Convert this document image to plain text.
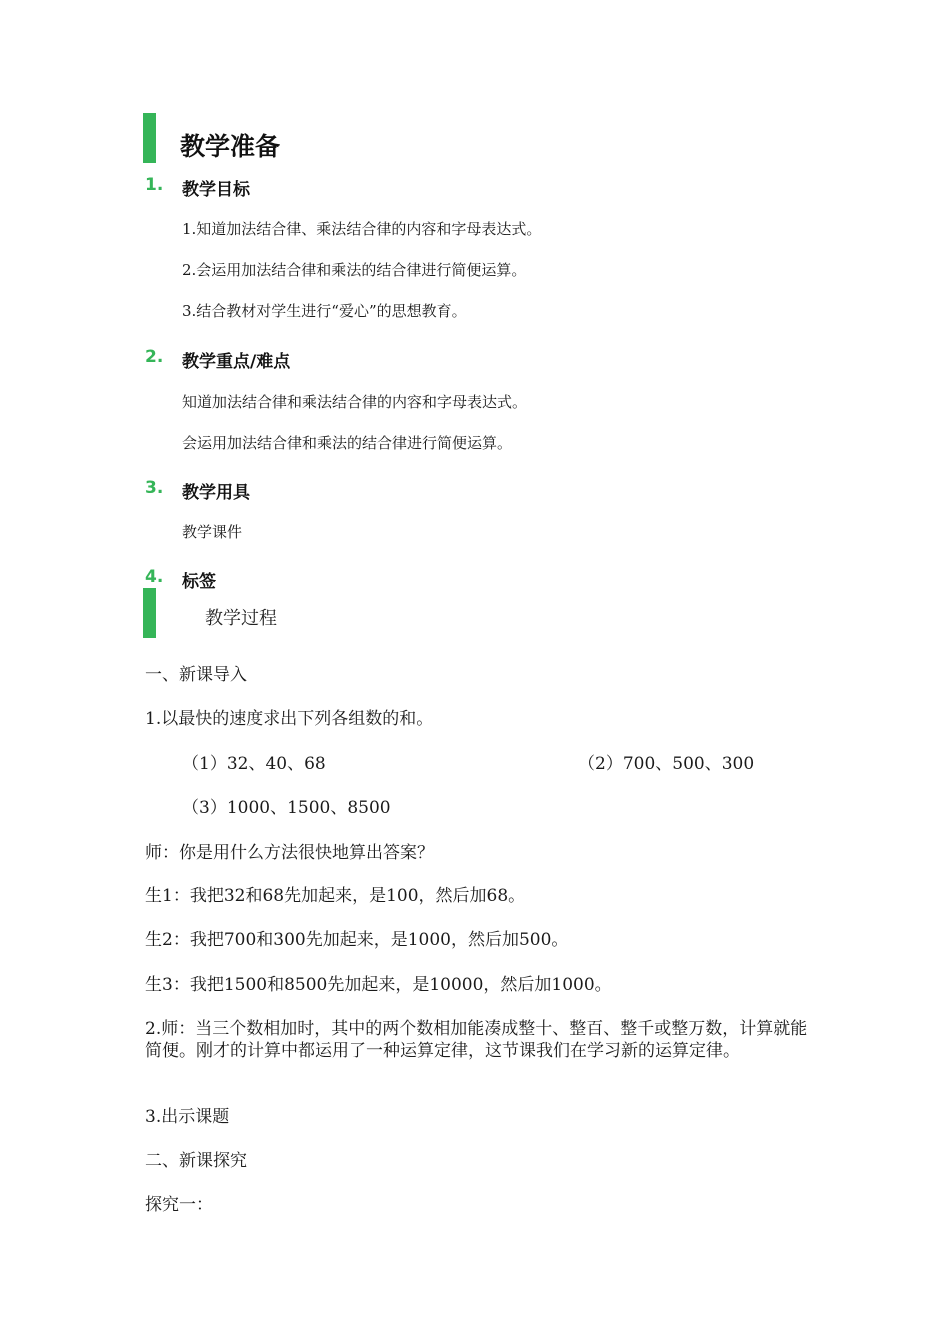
教学准备
1. 教学目标
1.知道加法结合律、乘法结合律的内容和字母表达式。
2.会运用加法结合律和乘法的结合律进行简便运算。
3.结合教材对学生进行“爱心”的思想教育。
2. 教学重点/难点
知道加法结合律和乘法结合律的内容和字母表达式。
会运用加法结合律和乘法的结合律进行简便运算。
3. 教学用具
教学课件
4. 标签
教学过程
一、新课导入
1.以最快的速度求出下列各组数的和。
（1）32、40、68	（2）700、500、300
（3）1000、1500、8500
师：你是用什么方法很快地算出答案？
生1：我把32和68先加起来，是100，然后加68。
生2：我把700和300先加起来，是1000，然后加500。
生3：我把1500和8500先加起来，是10000，然后加1000。
2.师：当三个数相加时，其中的两个数相加能凑成整十、整百、整千或整万数，计算就能简便。刚才的计算中都运用了一种运算定律，这节课我们在学习新的运算定律。
3.出示课题
二、新课探究
探究一：
